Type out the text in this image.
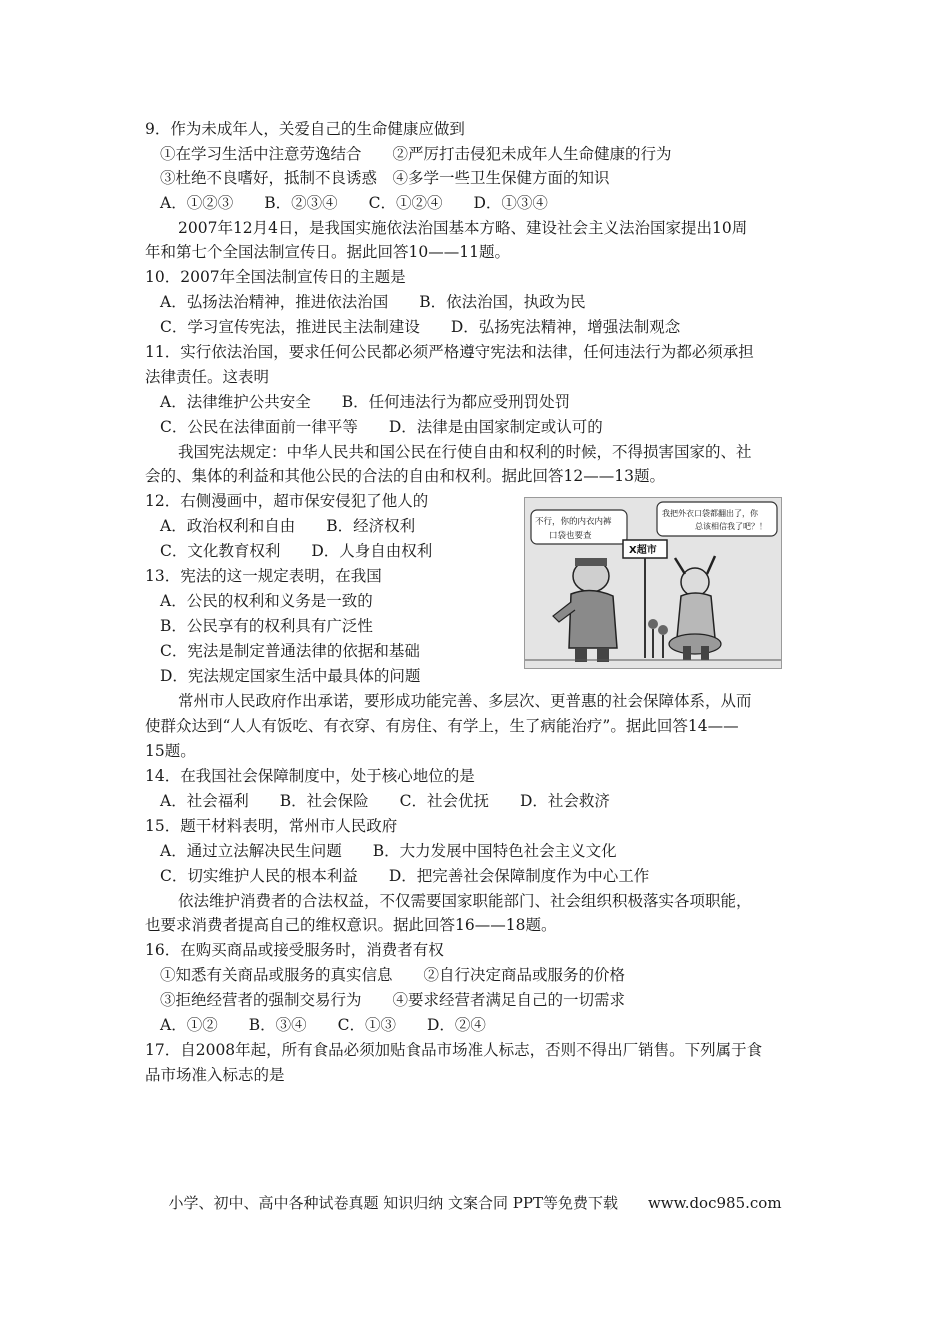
9．作为未成年人，关爱自己的生命健康应做到
①在学习生活中注意劳逸结合　　②严厉打击侵犯未成年人生命健康的行为
③杜绝不良嗜好，抵制不良诱惑　④多学一些卫生保健方面的知识
A．①②③　　B．②③④　　C．①②④　　D．①③④
2007年12月4日，是我国实施依法治国基本方略、建设社会主义法治国家提出10周
年和第七个全国法制宣传日。据此回答10——11题。
10．2007年全国法制宣传日的主题是
A．弘扬法治精神，推进依法治国　　B．依法治国，执政为民
C．学习宣传宪法，推进民主法制建设　　D．弘扬宪法精神，增强法制观念
11．实行依法治国，要求任何公民都必须严格遵守宪法和法律，任何违法行为都必须承担
法律责任。这表明
A．法律维护公共安全　　B．任何违法行为都应受刑罚处罚
C．公民在法律面前一律平等　　D．法律是由国家制定或认可的
我国宪法规定：中华人民共和国公民在行使自由和权利的时候，不得损害国家的、社
会的、集体的利益和其他公民的合法的自由和权利。据此回答12——13题。
12．右侧漫画中，超市保安侵犯了他人的
A．政治权利和自由　　B．经济权利
C．文化教育权利　　D．人身自由权利
13．宪法的这一规定表明，在我国
A．公民的权利和义务是一致的
B．公民享有的权利具有广泛性
C．宪法是制定普通法律的依据和基础
D．宪法规定国家生活中最具体的问题
不行，你的内衣内裤
口袋也要查
我把外衣口袋都翻出了，你
总该相信我了吧？！
X超市
常州市人民政府作出承诺，要形成功能完善、多层次、更普惠的社会保障体系，从而
使群众达到“人人有饭吃、有衣穿、有房住、有学上，生了病能治疗”。据此回答14——
15题。
14．在我国社会保障制度中，处于核心地位的是
A．社会福利　　B．社会保险　　C．社会优抚　　D．社会救济
15．题干材料表明，常州市人民政府
A．通过立法解决民生问题　　B．大力发展中国特色社会主义文化
C．切实维护人民的根本利益　　D．把完善社会保障制度作为中心工作
依法维护消费者的合法权益，不仅需要国家职能部门、社会组织积极落实各项职能，
也要求消费者提高自己的维权意识。据此回答16——18题。
16．在购买商品或接受服务时，消费者有权
①知悉有关商品或服务的真实信息　　②自行决定商品或服务的价格
③拒绝经营者的强制交易行为　　④要求经营者满足自己的一切需求
A．①②　　B．③④　　C．①③　　D．②④
17．自2008年起，所有食品必须加贴食品市场准人标志，否则不得出厂销售。下列属于食
品市场准入标志的是
小学、初中、高中各种试卷真题 知识归纳 文案合同 PPT等免费下载　　www.doc985.com
